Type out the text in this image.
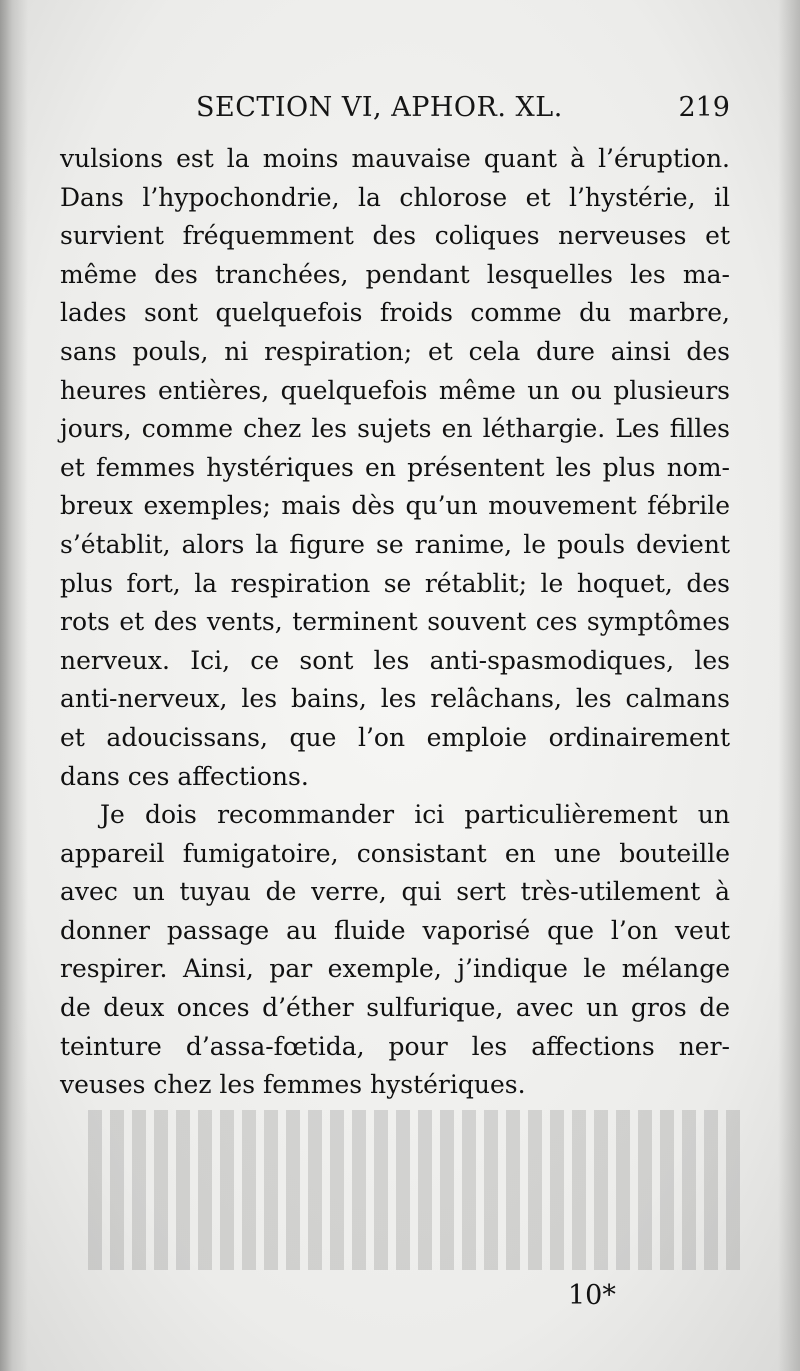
SECTION VI, APHOR. XL.	219
vulsions est la moins mauvaise quant à l’éruption.
Dans l’hypochondrie, la chlorose et l’hystérie, il
survient fréquemment des coliques nerveuses et
même des tranchées, pendant lesquelles les ma-
lades sont quelquefois froids comme du marbre,
sans pouls, ni respiration; et cela dure ainsi des
heures entières, quelquefois même un ou plusieurs
jours, comme chez les sujets en léthargie. Les filles
et femmes hystériques en présentent les plus nom-
breux exemples; mais dès qu’un mouvement fébrile
s’établit, alors la figure se ranime, le pouls devient
plus fort, la respiration se rétablit; le hoquet, des
rots et des vents, terminent souvent ces symptômes
nerveux. Ici, ce sont les anti-spasmodiques, les
anti-nerveux, les bains, les relâchans, les calmans
et adoucissans, que l’on emploie ordinairement
dans ces affections.
Je dois recommander ici particulièrement un
appareil fumigatoire, consistant en une bouteille
avec un tuyau de verre, qui sert très-utilement à
donner passage au fluide vaporisé que l’on veut
respirer. Ainsi, par exemple, j’indique le mélange
de deux onces d’éther sulfurique, avec un gros de
teinture d’assa-fœtida, pour les affections ner-
veuses chez les femmes hystériques.
10*
